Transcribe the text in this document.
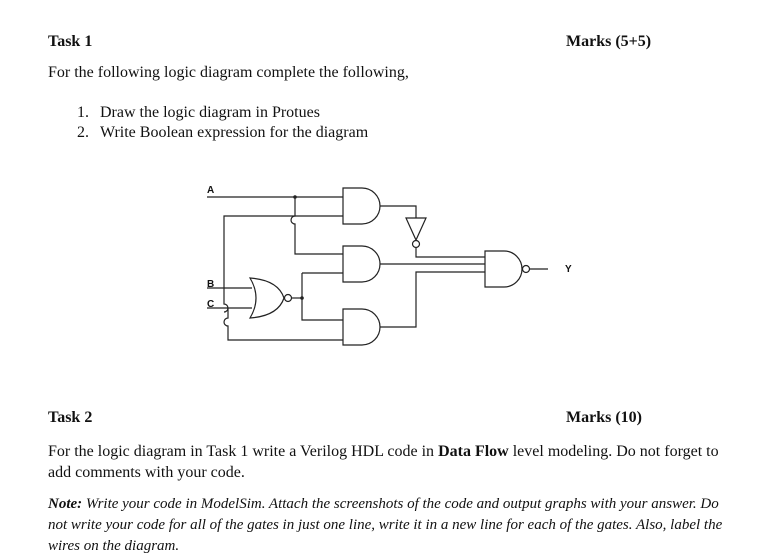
Task 1	Marks (5+5)
For the following logic diagram complete the following,
1. Draw the logic diagram in Protues
2. Write Boolean expression for the diagram
A
B
C
Y
Task 2	Marks (10)
For the logic diagram in Task 1 write a Verilog HDL code in Data Flow level modeling. Do not forget to add comments with your code.
Note: Write your code in ModelSim. Attach the screenshots of the code and output graphs with your answer. Do not write your code for all of the gates in just one line, write it in a new line for each of the gates. Also, label the wires on the diagram.
